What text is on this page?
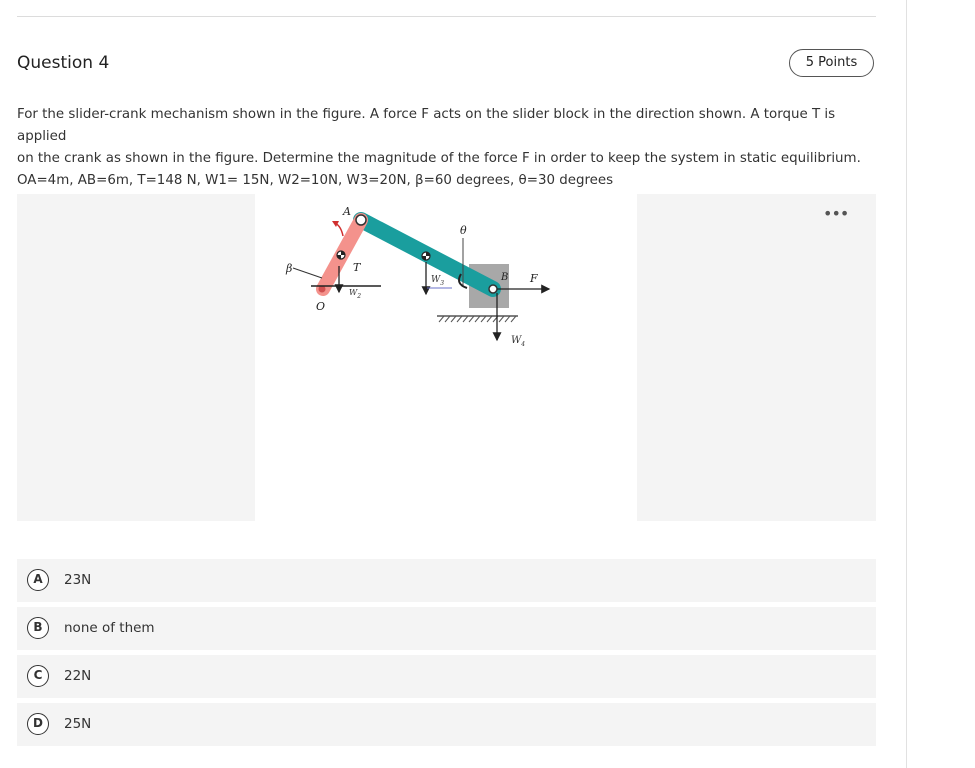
Question 4	5 Points

For the slider-crank mechanism shown in the figure. A force F acts on the slider block in the direction shown. A torque T is applied

on the crank as shown in the figure. Determine the magnitude of the force F in order to keep the system in static equilibrium.

OA=4m, AB=6m, T=148 N, W1= 15N, W2=10N, W3=20N, β=60 degrees, θ=30 degrees

T
β
$W_2$
$W_3$
θ
F
$W_4$
A
B
O
•••
A	23N
B	none of them
C	22N
D	25N
